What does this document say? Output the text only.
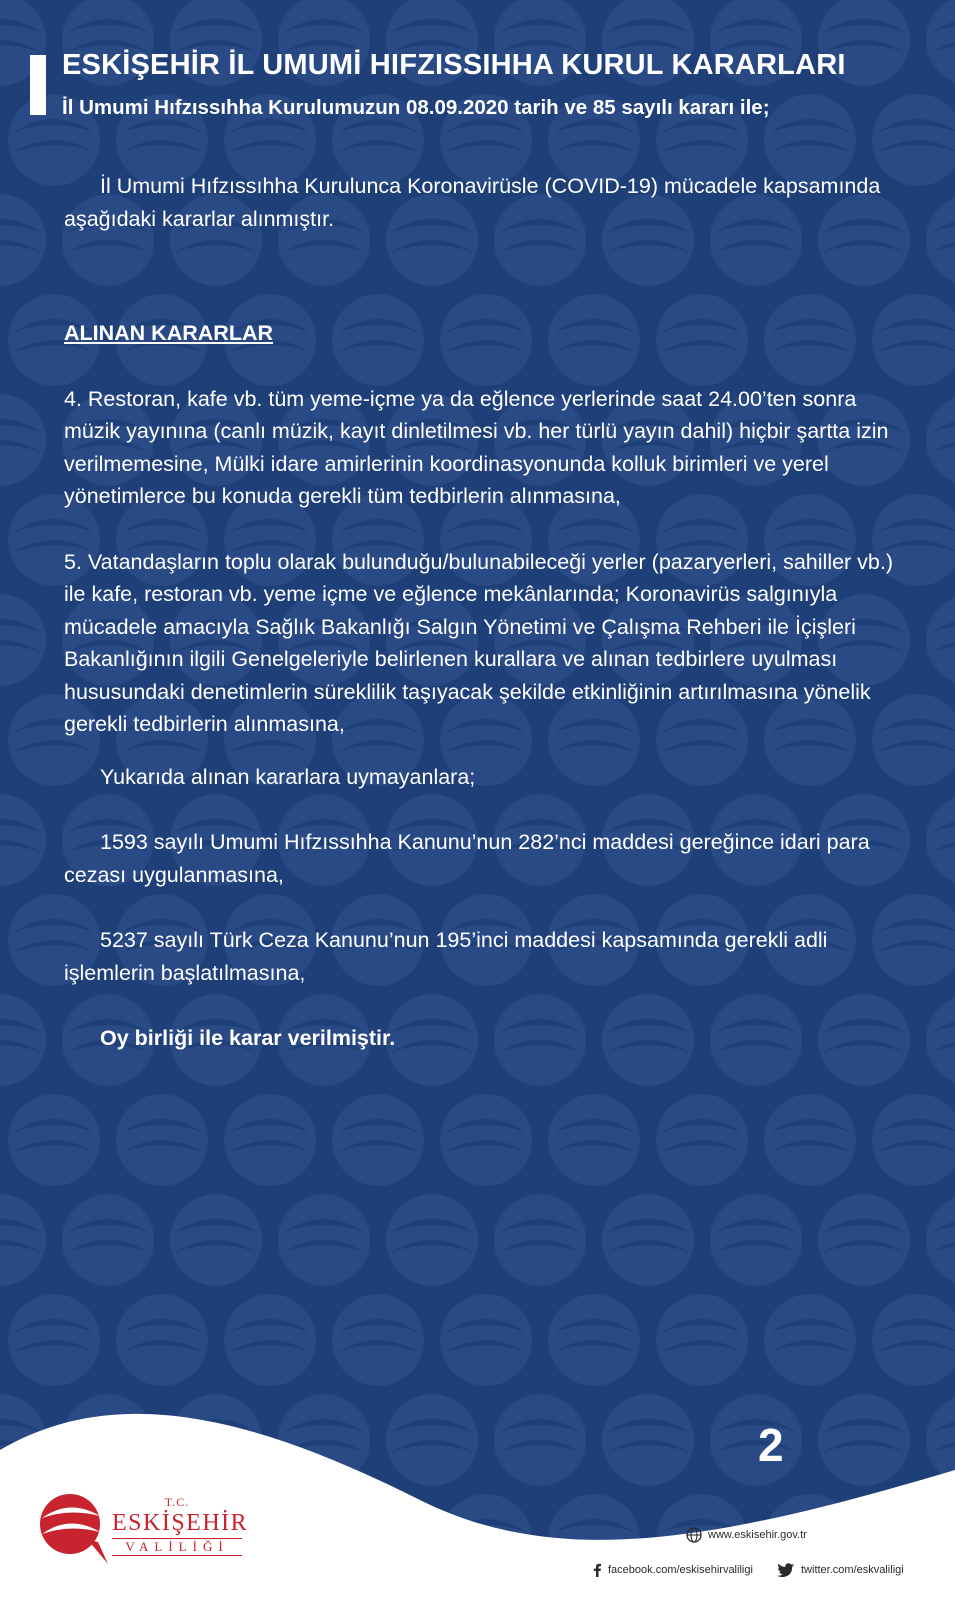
ESKİŞEHİR İL UMUMİ HIFZISSIHHA KURUL KARARLARI
İl Umumi Hıfzıssıhha Kurulumuzun 08.09.2020 tarih ve 85 sayılı kararı ile;

İl Umumi Hıfzıssıhha Kurulunca Koronavirüsle (COVID-19) mücadele kapsamında aşağıdaki kararlar alınmıştır.

ALINAN KARARLAR

4. Restoran, kafe vb. tüm yeme-içme ya da eğlence yerlerinde saat 24.00’ten sonra müzik yayınına (canlı müzik, kayıt dinletilmesi vb. her türlü yayın dahil) hiçbir şartta izin verilmemesine, Mülki idare amirlerinin koordinasyonunda kolluk birimleri ve yerel yönetimlerce bu konuda gerekli tüm tedbirlerin alınmasına,

5. Vatandaşların toplu olarak bulunduğu/bulunabileceği yerler (pazaryerleri, sahiller vb.) ile kafe, restoran vb. yeme içme ve eğlence mekânlarında; Koronavirüs salgınıyla mücadele amacıyla Sağlık Bakanlığı Salgın Yönetimi ve Çalışma Rehberi ile İçişleri Bakanlığının ilgili Genelgeleriyle belirlenen kurallara ve alınan tedbirlere uyulması hususundaki denetimlerin süreklilik taşıyacak şekilde etkinliğinin artırılmasına yönelik gerekli tedbirlerin alınmasına,

Yukarıda alınan kararlara uymayanlara;

1593 sayılı Umumi Hıfzıssıhha Kanunu’nun 282’nci maddesi gereğince idari para cezası uygulanmasına,

5237 sayılı Türk Ceza Kanunu’nun 195’inci maddesi kapsamında gerekli adli işlemlerin başlatılmasına,

Oy birliği ile karar verilmiştir.

2
T.C.
ESKİŞEHİR
VALİLİĞİ
www.eskisehir.gov.tr
facebook.com/eskisehirvaliligi	twitter.com/eskvaliligi
